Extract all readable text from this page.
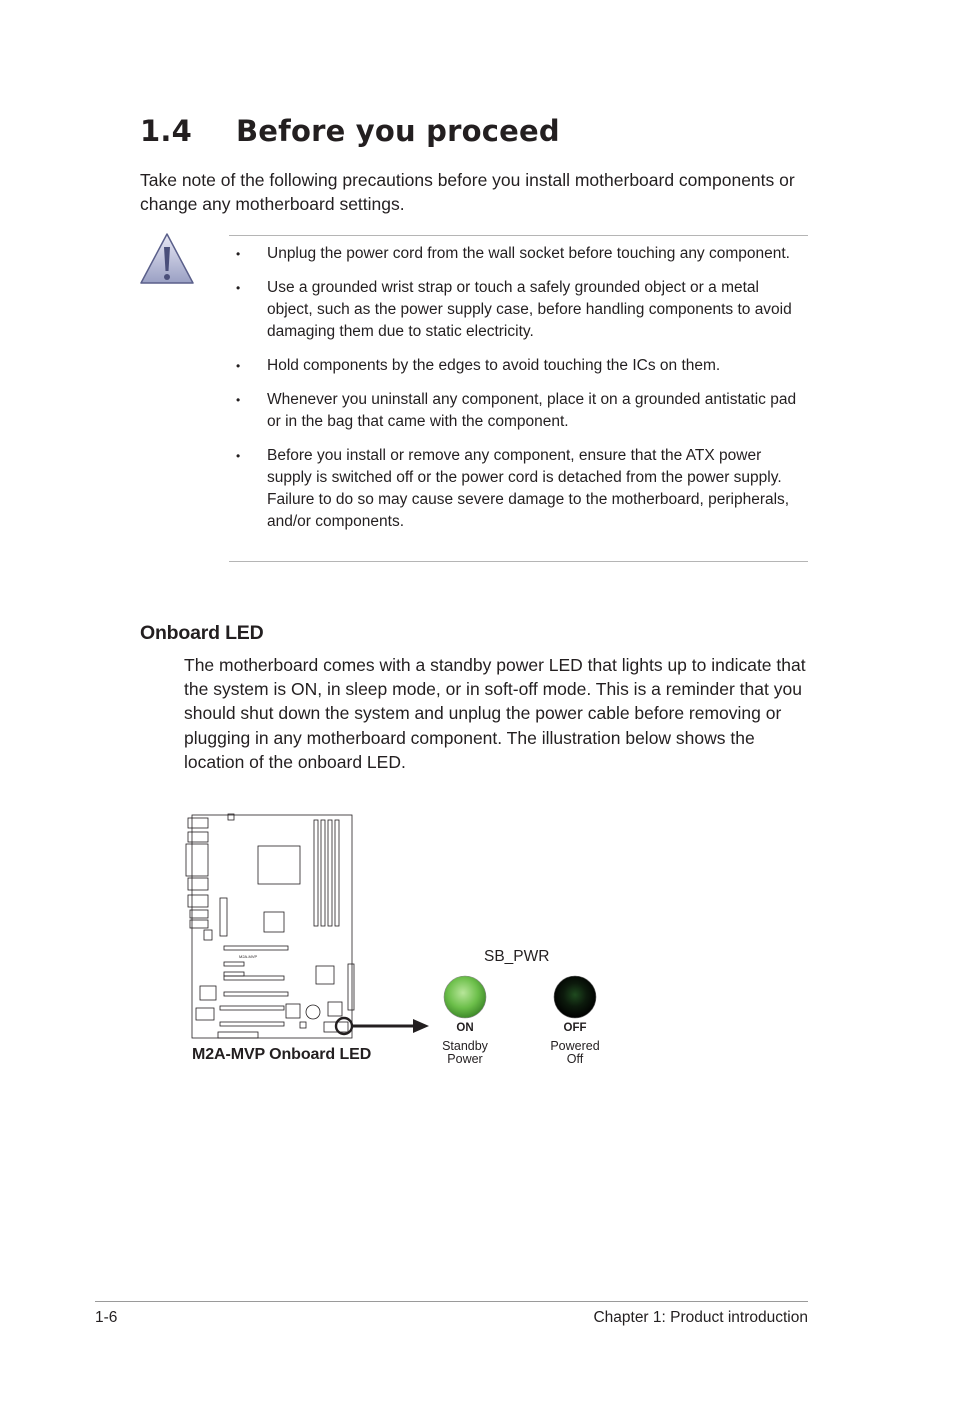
1.4 Before you proceed

Take note of the following precautions before you install motherboard components or change any motherboard settings.

• Unplug the power cord from the wall socket before touching any component.
• Use a grounded wrist strap or touch a safely grounded object or a metal object, such as the power supply case, before handling components to avoid damaging them due to static electricity.
• Hold components by the edges to avoid touching the ICs on them.
• Whenever you uninstall any component, place it on a grounded antistatic pad or in the bag that came with the component.
• Before you install or remove any component, ensure that the ATX power supply is switched off or the power cord is detached from the power supply. Failure to do so may cause severe damage to the motherboard, peripherals, and/or components.
Onboard LED

The motherboard comes with a standby power LED that lights up to indicate that the system is ON, in sleep mode, or in soft-off mode. This is a reminder that you should shut down the system and unplug the power cable before removing or plugging in any motherboard component. The illustration below shows the location of the onboard LED.

M2A-MVP	SB_PWR
ON
Standby
Power
OFF
Powered
Off
M2A-MVP Onboard LED
1-6	Chapter 1: Product introduction
